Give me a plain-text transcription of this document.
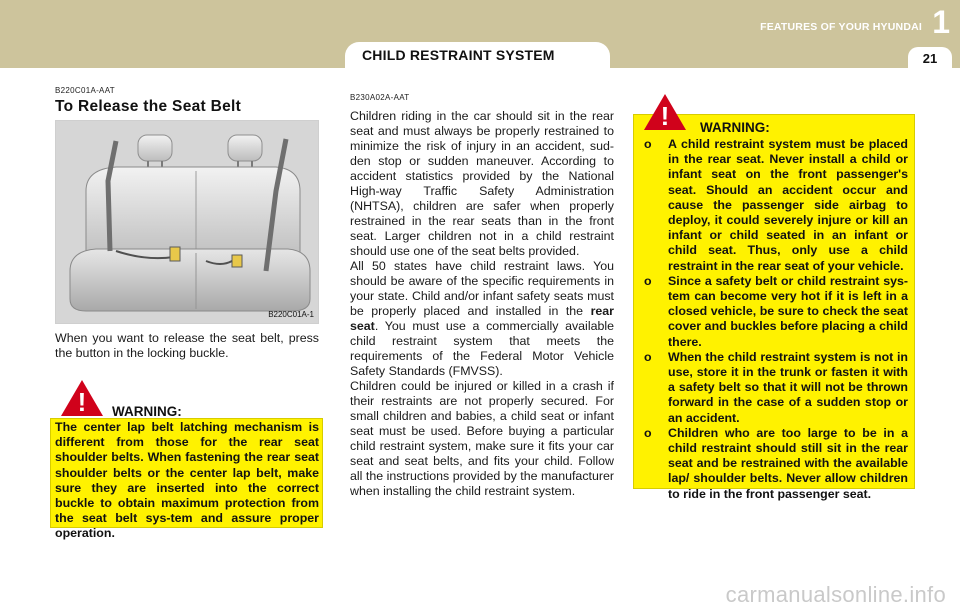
CHILD RESTRAINT SYSTEM	21
FEATURES OF YOUR HYUNDAI 1
B220C01A-AAT
To Release the Seat Belt
B220C01A-1
When you want to release the seat belt, press the button in the locking buckle.
!	WARNING:
The center lap belt latching mechanism is different from those for the rear seat shoulder belts. When fastening the rear seat shoulder belts or the center lap belt, make sure they are inserted into the correct buckle to obtain maximum protection from the seat belt sys-tem and assure proper operation.
B230A02A-AAT

Children riding in the car should sit in the rear seat and must always be properly restrained to minimize the risk of injury in an accident, sud-den stop or sudden maneuver. According to accident statistics provided by the National High-way Traffic Safety Administration (NHTSA), children are safer when properly restrained in the rear seats than in the front seat. Larger children not in a child restraint should use one of the seat belts provided.

All 50 states have child restraint laws. You should be aware of the specific requirements in your state. Child and/or infant safety seats must be properly placed and installed in the rear seat. You must use a commercially available child restraint system that meets the requirements of the Federal Motor Vehicle Safety Standards (FMVSS).

Children could be injured or killed in a crash if their restraints are not properly secured. For small children and babies, a child seat or infant seat must be used. Before buying a particular child restraint system, make sure it fits your car seat and seat belts, and fits your child. Follow all the instructions provided by the manufacturer when installing the child restraint system.

o A child restraint system must be placed in the rear seat. Never install a child or infant seat on the front passenger's seat. Should an accident occur and cause the passenger side airbag to deploy, it could severely injure or kill an infant or child seated in an infant or child seat. Thus, only use a child restraint in the rear seat of your vehicle.
o Since a safety belt or child restraint sys-tem can become very hot if it is left in a closed vehicle, be sure to check the seat cover and buckles before placing a child there.
o When the child restraint system is not in use, store it in the trunk or fasten it with a safety belt so that it will not be thrown forward in the case of a sudden stop or an accident.
o Children who are too large to be in a child restraint should still sit in the rear seat and be restrained with the available lap/ shoulder belts. Never allow children to ride in the front passenger seat.
!	WARNING:
carmanualsonline.info
